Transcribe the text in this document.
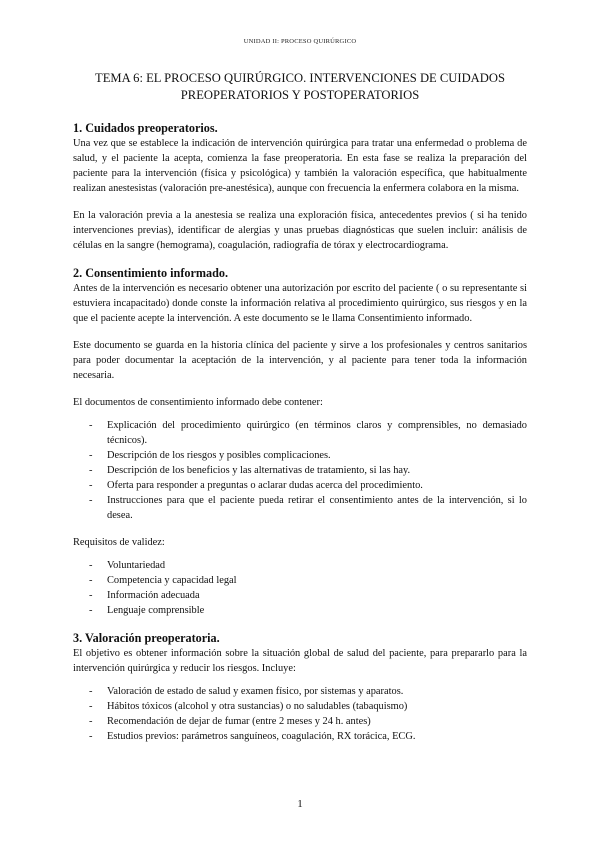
UNIDAD II: PROCESO QUIRÚRGICO
TEMA 6: EL PROCESO QUIRÚRGICO. INTERVENCIONES DE CUIDADOS PREOPERATORIOS Y POSTOPERATORIOS
1. Cuidados preoperatorios.

Una vez que se establece la indicación de intervención quirúrgica para tratar una enfermedad o problema de salud, y el paciente la acepta, comienza la fase preoperatoria. En esta fase se realiza la preparación del paciente para la intervención (física y psicológica) y también la valoración específica, que habitualmente realizan anestesistas (valoración pre-anestésica), aunque con frecuencia la enfermera colabora en la misma.

En la valoración previa a la anestesia se realiza una exploración física, antecedentes previos ( si ha tenido intervenciones previas), identificar de alergias y unas pruebas diagnósticas que suelen incluir: análisis de células en la sangre (hemograma), coagulación, radiografía de tórax y electrocardiograma.

2. Consentimiento informado.

Antes de la intervención es necesario obtener una autorización por escrito del paciente ( o su representante si estuviera incapacitado) donde conste la información relativa al procedimiento quirúrgico, sus riesgos y en la que el paciente acepte la intervención. A este documento se le llama Consentimiento informado.

Este documento se guarda en la historia clínica del paciente y sirve a los profesionales y centros sanitarios para poder documentar la aceptación de la intervención, y al paciente para tener toda la información necesaria.

El documentos de consentimiento informado debe contener:

- Explicación del procedimiento quirúrgico (en términos claros y comprensibles, no demasiado técnicos).
- Descripción de los riesgos y posibles complicaciones.
- Descripción de los beneficios y las alternativas de tratamiento, si las hay.
- Oferta para responder a preguntas o aclarar dudas acerca del procedimiento.
- Instrucciones para que el paciente pueda retirar el consentimiento antes de la intervención, si lo desea.

Requisitos de validez:

- Voluntariedad
- Competencia y capacidad legal
- Información adecuada
- Lenguaje comprensible
3. Valoración preoperatoria.

El objetivo es obtener información sobre la situación global de salud del paciente, para prepararlo para la intervención quirúrgica y reducir los riesgos. Incluye:

- Valoración de estado de salud y examen físico, por sistemas y aparatos.
- Hábitos tóxicos (alcohol y otra sustancias) o no saludables (tabaquismo)
- Recomendación de dejar de fumar (entre 2 meses y 24 h. antes)
- Estudios previos: parámetros sanguíneos, coagulación, RX torácica, ECG.
1
